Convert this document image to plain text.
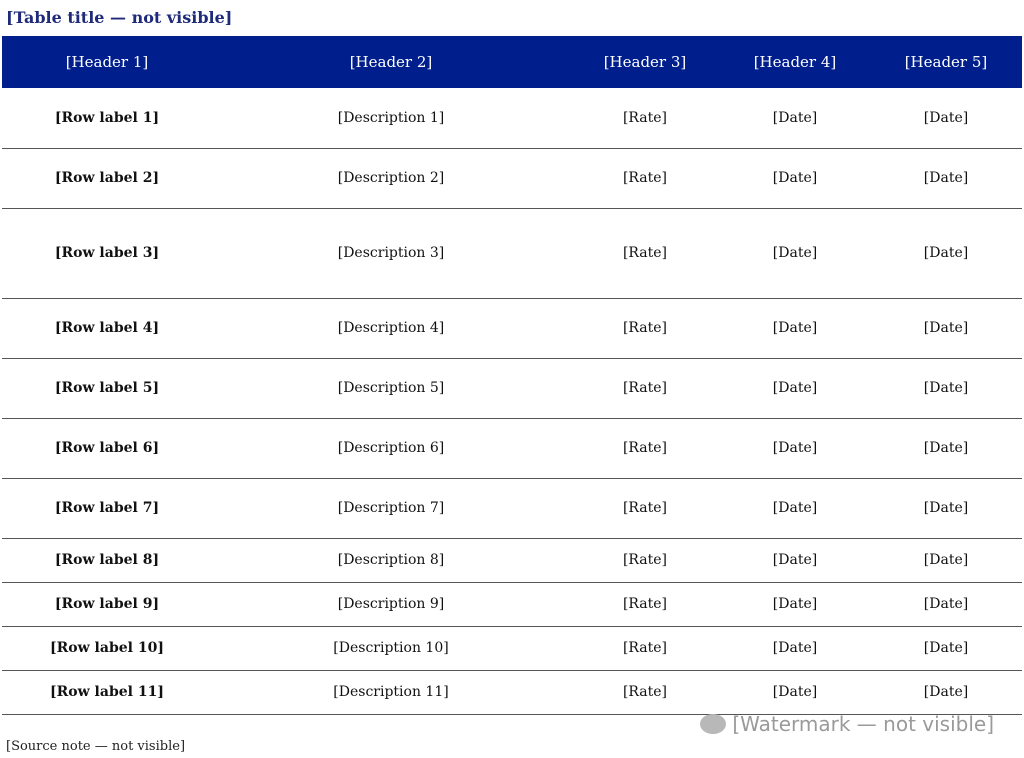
[Table title — not visible]
[Header 1]	[Header 2]	[Header 3]	[Header 4]	[Header 5]
[Row label 1]	[Description 1]	[Rate]	[Date]	[Date]
[Row label 2]	[Description 2]	[Rate]	[Date]	[Date]
[Row label 3]	[Description 3]	[Rate]	[Date]	[Date]
[Row label 4]	[Description 4]	[Rate]	[Date]	[Date]
[Row label 5]	[Description 5]	[Rate]	[Date]	[Date]
[Row label 6]	[Description 6]	[Rate]	[Date]	[Date]
[Row label 7]	[Description 7]	[Rate]	[Date]	[Date]
[Row label 8]	[Description 8]	[Rate]	[Date]	[Date]
[Row label 9]	[Description 9]	[Rate]	[Date]	[Date]
[Row label 10]	[Description 10]	[Rate]	[Date]	[Date]
[Row label 11]	[Description 11]	[Rate]	[Date]	[Date]
[Watermark — not visible]
[Source note — not visible]
